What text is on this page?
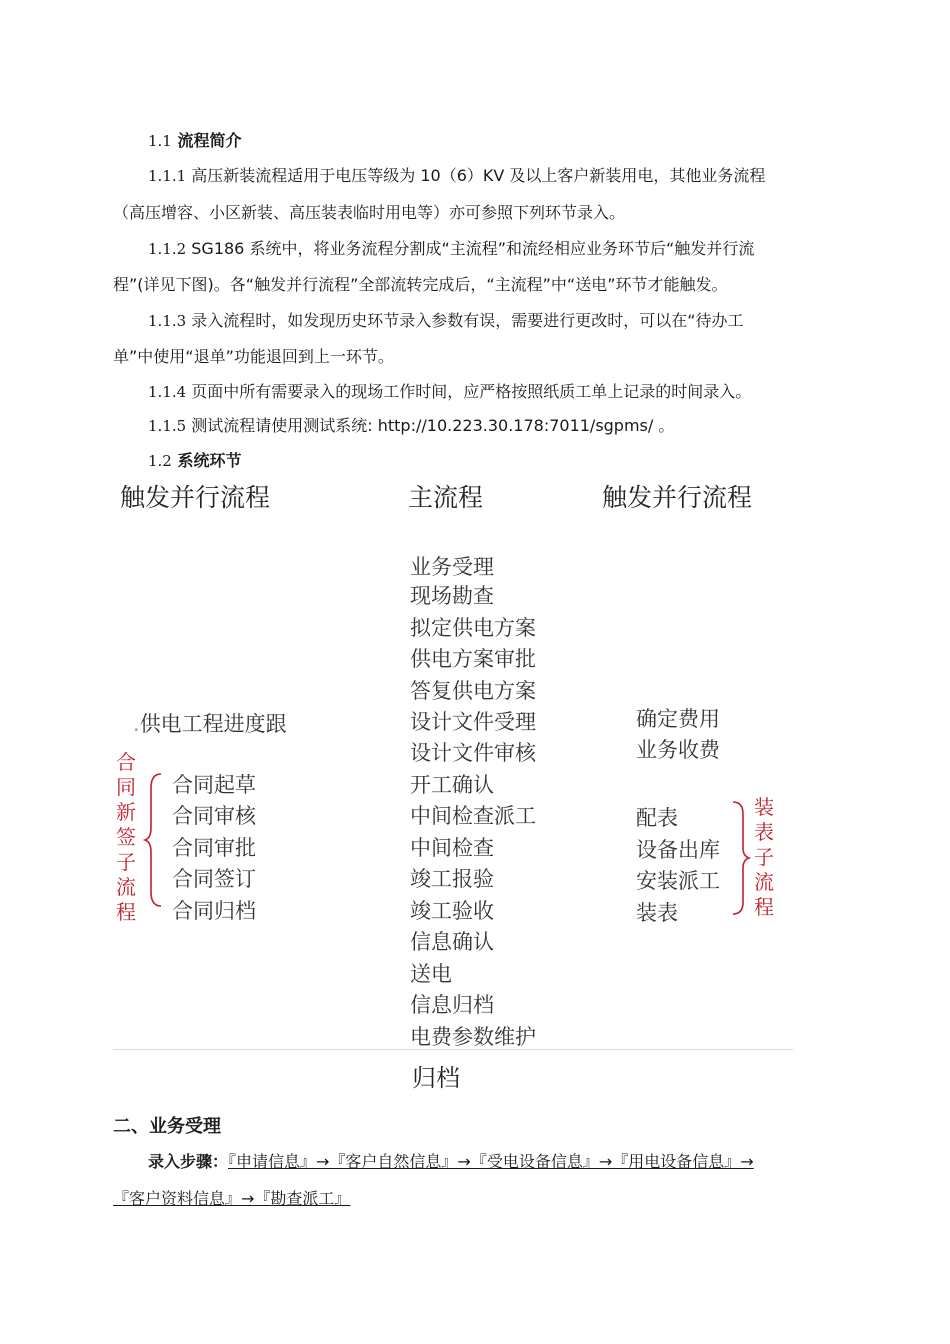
1.1 流程简介
1.1.1 高压新装流程适用于电压等级为 10（6）KV 及以上客户新装用电，其他业务流程
（高压增容、小区新装、高压装表临时用电等）亦可参照下列环节录入。
1.1.2 SG186 系统中，将业务流程分割成“主流程”和流经相应业务环节后“触发并行流
程”(详见下图)。各“触发并行流程”全部流转完成后，“主流程”中“送电”环节才能触发。
1.1.3 录入流程时，如发现历史环节录入参数有误，需要进行更改时，可以在“待办工
单”中使用“退单”功能退回到上一环节。
1.1.4 页面中所有需要录入的现场工作时间，应严格按照纸质工单上记录的时间录入。
1.1.5 测试流程请使用测试系统: http://10.223.30.178:7011/sgpms/ 。
1.2 系统环节
触发并行流程	主流程	触发并行流程
业务受理
现场勘查
拟定供电方案
供电方案审批
答复供电方案
设计文件受理
设计文件审核
开工确认
中间检查派工
中间检查
竣工报验
竣工验收
信息确认
送电
信息归档
电费参数维护
.供电工程进度跟
合同新签子流程
合同起草
合同审核
合同审批
合同签订
合同归档
确定费用
业务收费
配表
设备出库
安装派工
装表
装表子流程
归档
二、业务受理
录入步骤：『申请信息』→『客户自然信息』→『受电设备信息』→『用电设备信息』→
『客户资料信息』→『勘查派工』
